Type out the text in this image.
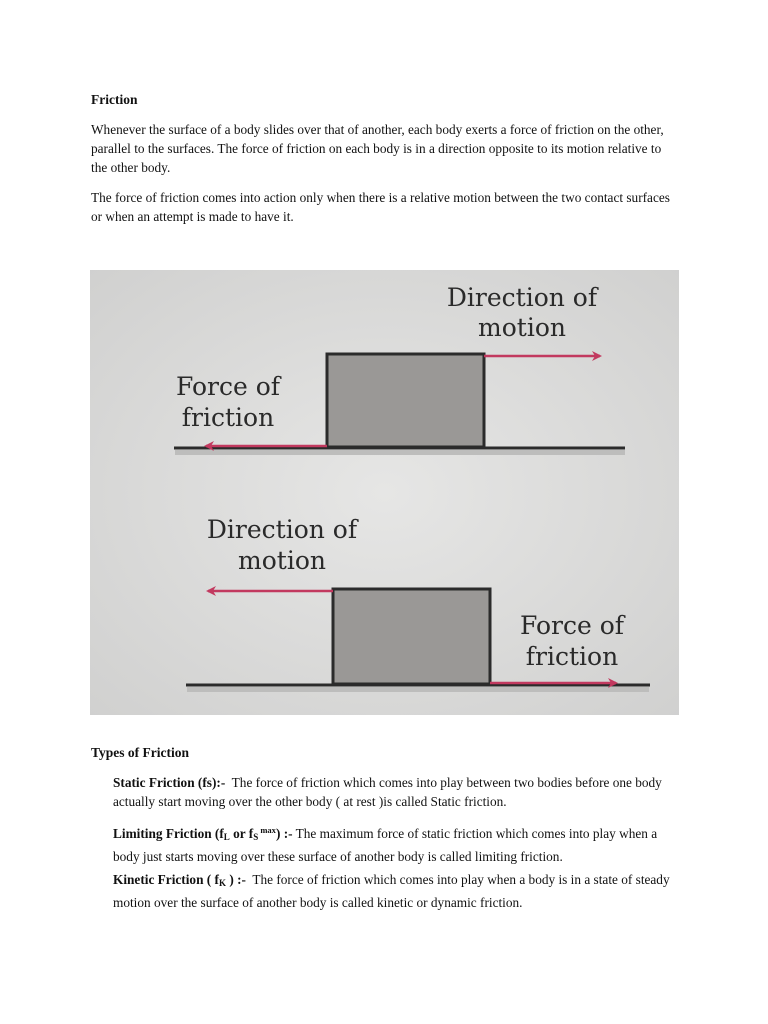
Friction

Whenever the surface of a body slides over that of another, each body exerts a force of friction on the other, parallel to the surfaces. The force of friction on each body is in a direction opposite to its motion relative to the other body.

The force of friction comes into action only when there is a relative motion between the two contact surfaces or when an attempt is made to have it.

Direction of
motion
Force of
friction
Direction of
motion
Force of
friction
Types of Friction

Static Friction (fs):- The force of friction which comes into play between two bodies before one body actually start moving over the other body ( at rest )is called Static friction.

Limiting Friction ($f_L$ or $f_S$ $^{max}$) :- The maximum force of static friction which comes into play when a body just starts moving over these surface of another body is called limiting friction.

Kinetic Friction ( $f_K$ ) :- The force of friction which comes into play when a body is in a state of steady motion over the surface of another body is called kinetic or dynamic friction.
